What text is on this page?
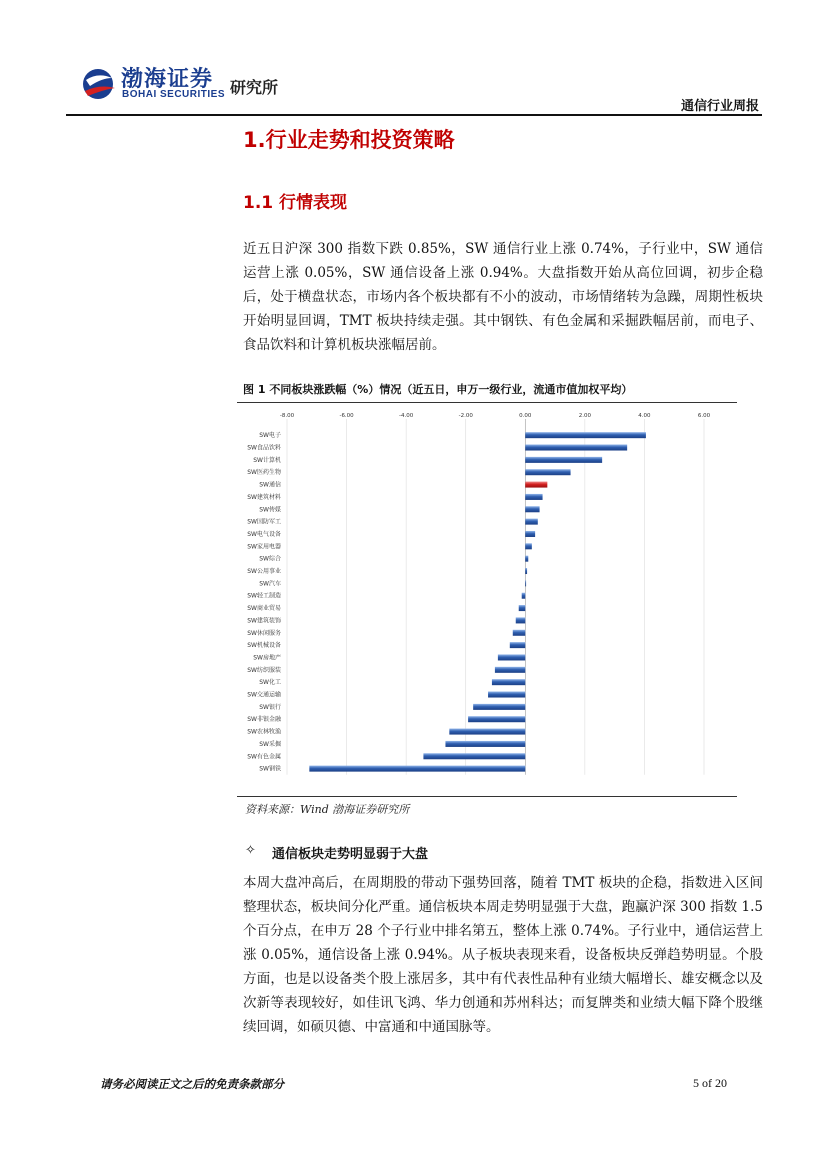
渤海证券
BOHAI SECURITIES 研究所
通信行业周报
1.行业走势和投资策略
1.1 行情表现
近五日沪深 300 指数下跌 0.85%，SW 通信行业上涨 0.74%，子行业中，SW 通信运营上涨 0.05%，SW 通信设备上涨 0.94%。大盘指数开始从高位回调，初步企稳后，处于横盘状态，市场内各个板块都有不小的波动，市场情绪转为急躁，周期性板块开始明显回调，TMT 板块持续走强。其中钢铁、有色金属和采掘跌幅居前，而电子、食品饮料和计算机板块涨幅居前。
图 1 不同板块涨跌幅（%）情况（近五日，申万一级行业，流通市值加权平均）
-8.00	-6.00	-4.00	-2.00	0.00	2.00	4.00	6.00
SW电子
SW食品饮料
SW计算机
SW医药生物
SW通信
SW建筑材料
SW传媒
SW国防军工
SW电气设备
SW家用电器
SW综合
SW公用事业
SW汽车
SW轻工制造
SW商业贸易
SW建筑装饰
SW休闲服务
SW机械设备
SW房地产
SW纺织服装
SW化工
SW交通运输
SW银行
SW非银金融
SW农林牧渔
SW采掘
SW有色金属
SW钢铁
资料来源：Wind 渤海证券研究所
✧ 通信板块走势明显弱于大盘
本周大盘冲高后，在周期股的带动下强势回落，随着 TMT 板块的企稳，指数进入区间整理状态，板块间分化严重。通信板块本周走势明显强于大盘，跑赢沪深 300 指数 1.5 个百分点，在申万 28 个子行业中排名第五，整体上涨 0.74%。子行业中，通信运营上涨 0.05%，通信设备上涨 0.94%。从子板块表现来看，设备板块反弹趋势明显。个股方面，也是以设备类个股上涨居多，其中有代表性品种有业绩大幅增长、雄安概念以及次新等表现较好，如佳讯飞鸿、华力创通和苏州科达；而复牌类和业绩大幅下降个股继续回调，如硕贝德、中富通和中通国脉等。
请务必阅读正文之后的免责条款部分	5 of 20
